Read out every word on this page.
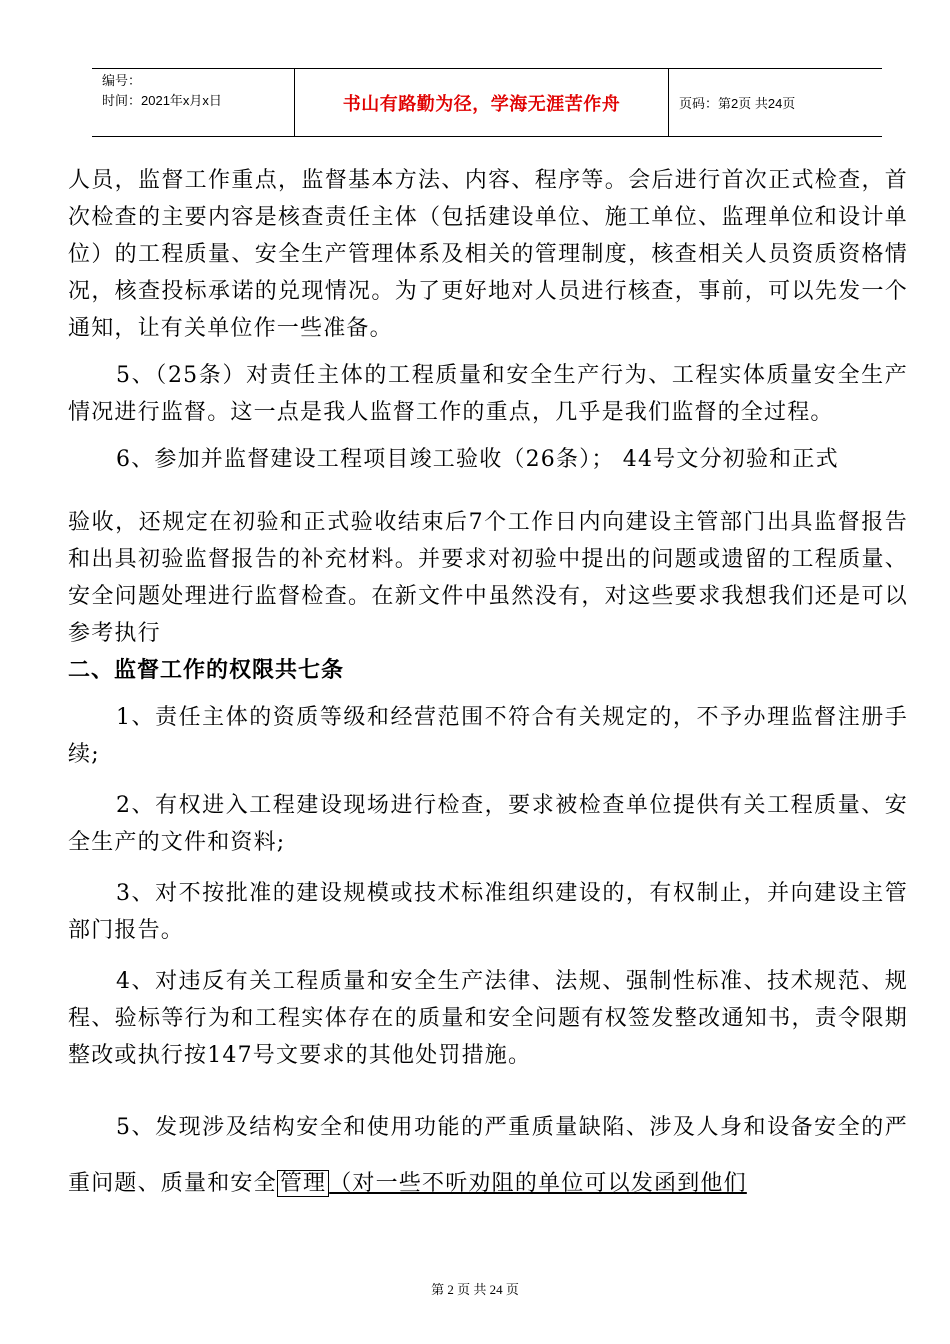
编号：
时间：2021年x月x日	书山有路勤为径，学海无涯苦作舟	页码：第2页 共24页

人员，监督工作重点，监督基本方法、内容、程序等。会后进行首次正式检查，首次检查的主要内容是核查责任主体（包括建设单位、施工单位、监理单位和设计单位）的工程质量、安全生产管理体系及相关的管理制度，核查相关人员资质资格情况，核查投标承诺的兑现情况。为了更好地对人员进行核查，事前，可以先发一个通知，让有关单位作一些准备。

5、（25条）对责任主体的工程质量和安全生产行为、工程实体质量安全生产情况进行监督。这一点是我人监督工作的重点，几乎是我们监督的全过程。

6、参加并监督建设工程项目竣工验收（26条）； 44号文分初验和正式

验收，还规定在初验和正式验收结束后7个工作日内向建设主管部门出具监督报告和出具初验监督报告的补充材料。并要求对初验中提出的问题或遗留的工程质量、安全问题处理进行监督检查。在新文件中虽然没有，对这些要求我想我们还是可以参考执行

二、监督工作的权限共七条

1、责任主体的资质等级和经营范围不符合有关规定的，不予办理监督注册手续;

2、有权进入工程建设现场进行检查，要求被检查单位提供有关工程质量、安全生产的文件和资料;

3、对不按批准的建设规模或技术标准组织建设的，有权制止，并向建设主管部门报告。

4、对违反有关工程质量和安全生产法律、法规、强制性标准、技术规范、规程、验标等行为和工程实体存在的质量和安全问题有权签发整改通知书，责令限期整改或执行按147号文要求的其他处罚措施。

5、发现涉及结构安全和使用功能的严重质量缺陷、涉及人身和设备安全的严重问题、质量和安全 管理 （对一些不听劝阻的单位可以发函到他们

第 2 页 共 24 页
